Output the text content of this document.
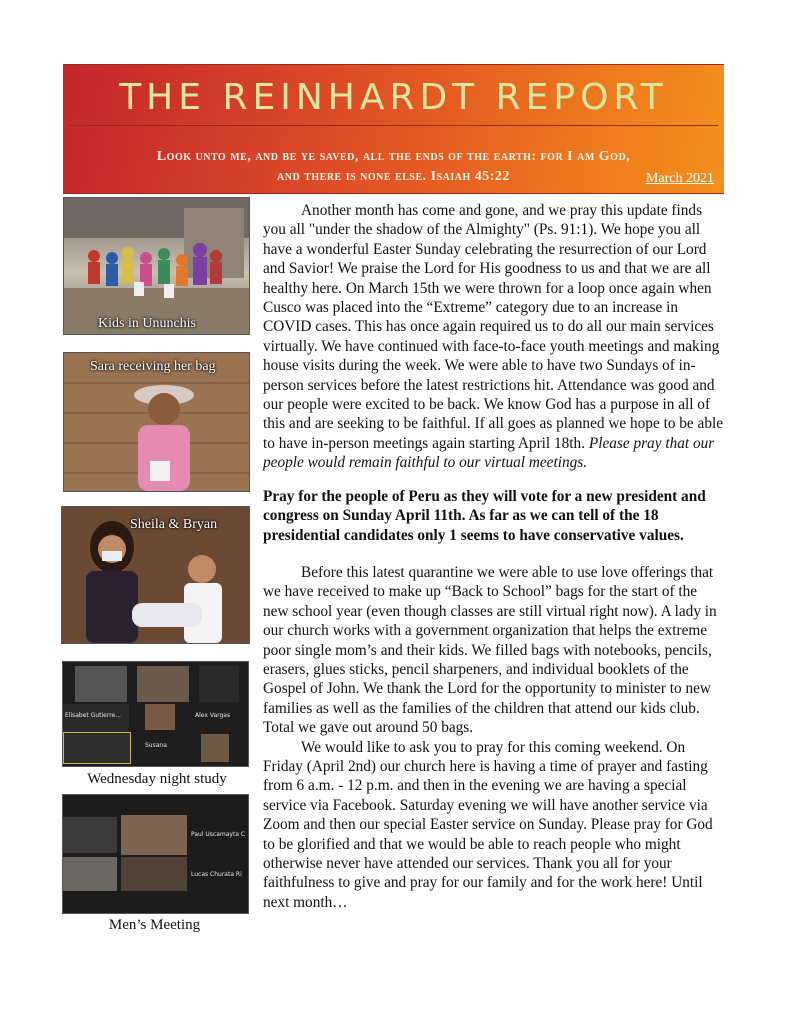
THE REINHARDT REPORT
Look unto me, and be ye saved, all the ends of the earth: for I am God,
and there is none else. Isaiah 45:22	March 2021
Kids in Ununchis
Sara receiving her bag
Sheila & Bryan
Elisabet Gutierre...	Alex Vargas
Susana
Wednesday night study
Paul Uscamayta C
Lucas Churata Ri
Men’s Meeting

Another month has come and gone, and we pray this update finds you all "under the shadow of the Almighty" (Ps. 91:1). We hope you all have a wonderful Easter Sunday celebrating the resurrection of our Lord and Savior! We praise the Lord for His goodness to us and that we are all healthy here. On March 15th we were thrown for a loop once again when Cusco was placed into the “Extreme” category due to an increase in COVID cases. This has once again required us to do all our main services virtually. We have continued with face-to-face youth meetings and making house visits during the week. We were able to have two Sundays of in-person services before the latest restrictions hit. Attendance was good and our people were excited to be back. We know God has a purpose in all of this and are seeking to be faithful. If all goes as planned we hope to be able to have in-person meetings again starting April 18th. Please pray that our people would remain faithful to our virtual meetings.

Pray for the people of Peru as they will vote for a new president and congress on Sunday April 11th. As far as we can tell of the 18 presidential candidates only 1 seems to have conservative values.

Before this latest quarantine we were able to use love offerings that we have received to make up “Back to School” bags for the start of the new school year (even though classes are still virtual right now). A lady in our church works with a government organization that helps the extreme poor single mom’s and their kids. We filled bags with notebooks, pencils, erasers, glues sticks, pencil sharpeners, and individual booklets of the Gospel of John. We thank the Lord for the opportunity to minister to new families as well as the families of the children that attend our kids club. Total we gave out around 50 bags.

We would like to ask you to pray for this coming weekend. On Friday (April 2nd) our church here is having a time of prayer and fasting from 6 a.m. - 12 p.m. and then in the evening we are having a special service via Facebook. Saturday evening we will have another service via Zoom and then our special Easter service on Sunday. Please pray for God to be glorified and that we would be able to reach people who might otherwise never have attended our services. Thank you all for your faithfulness to give and pray for our family and for the work here! Until next month…
